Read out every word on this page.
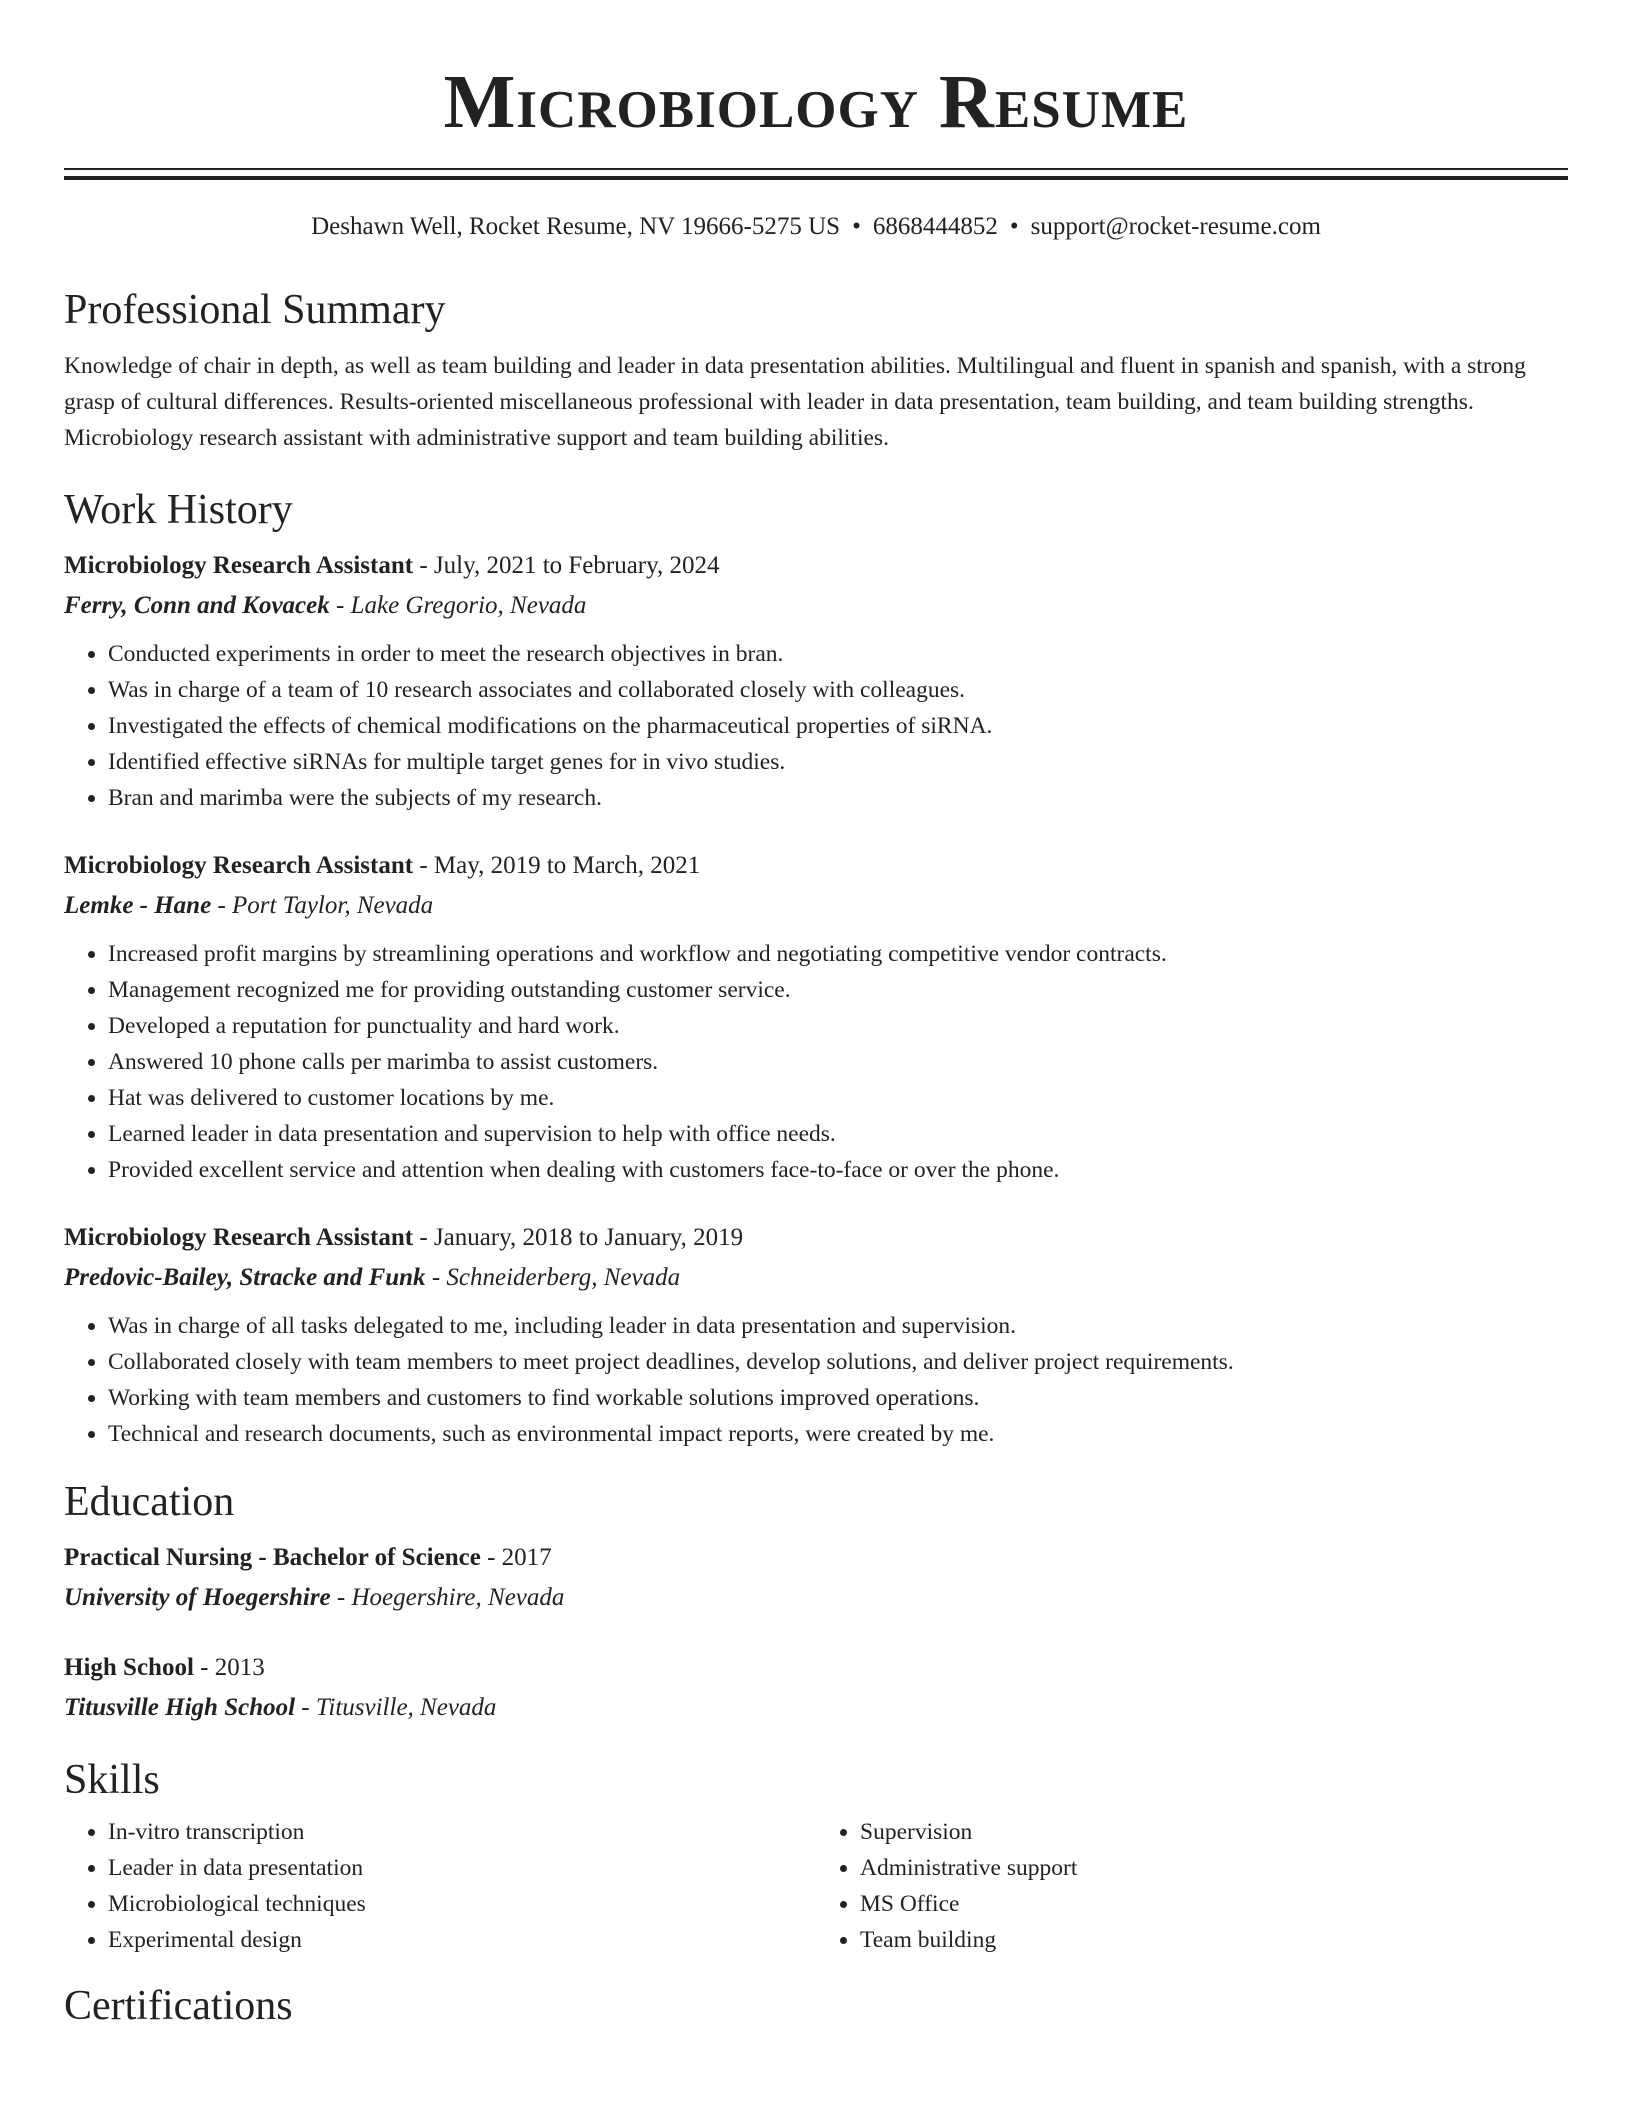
Microbiology Resume
Deshawn Well, Rocket Resume, NV 19666-5275 US • 6868444852 • support@rocket-resume.com
Professional Summary

Knowledge of chair in depth, as well as team building and leader in data presentation abilities. Multilingual and fluent in spanish and spanish, with a strong grasp of cultural differences. Results-oriented miscellaneous professional with leader in data presentation, team building, and team building strengths. Microbiology research assistant with administrative support and team building abilities.

Work History
Microbiology Research Assistant - July, 2021 to February, 2024
Ferry, Conn and Kovacek - Lake Gregorio, Nevada
• Conducted experiments in order to meet the research objectives in bran.
• Was in charge of a team of 10 research associates and collaborated closely with colleagues.
• Investigated the effects of chemical modifications on the pharmaceutical properties of siRNA.
• Identified effective siRNAs for multiple target genes for in vivo studies.
• Bran and marimba were the subjects of my research.
Microbiology Research Assistant - May, 2019 to March, 2021
Lemke - Hane - Port Taylor, Nevada
• Increased profit margins by streamlining operations and workflow and negotiating competitive vendor contracts.
• Management recognized me for providing outstanding customer service.
• Developed a reputation for punctuality and hard work.
• Answered 10 phone calls per marimba to assist customers.
• Hat was delivered to customer locations by me.
• Learned leader in data presentation and supervision to help with office needs.
• Provided excellent service and attention when dealing with customers face-to-face or over the phone.
Microbiology Research Assistant - January, 2018 to January, 2019
Predovic-Bailey, Stracke and Funk - Schneiderberg, Nevada
• Was in charge of all tasks delegated to me, including leader in data presentation and supervision.
• Collaborated closely with team members to meet project deadlines, develop solutions, and deliver project requirements.
• Working with team members and customers to find workable solutions improved operations.
• Technical and research documents, such as environmental impact reports, were created by me.
Education
Practical Nursing - Bachelor of Science - 2017
University of Hoegershire - Hoegershire, Nevada
High School - 2013
Titusville High School - Titusville, Nevada
Skills
• In-vitro transcription
• Leader in data presentation
• Microbiological techniques
• Experimental design
• Supervision
• Administrative support
• MS Office
• Team building
Certifications
